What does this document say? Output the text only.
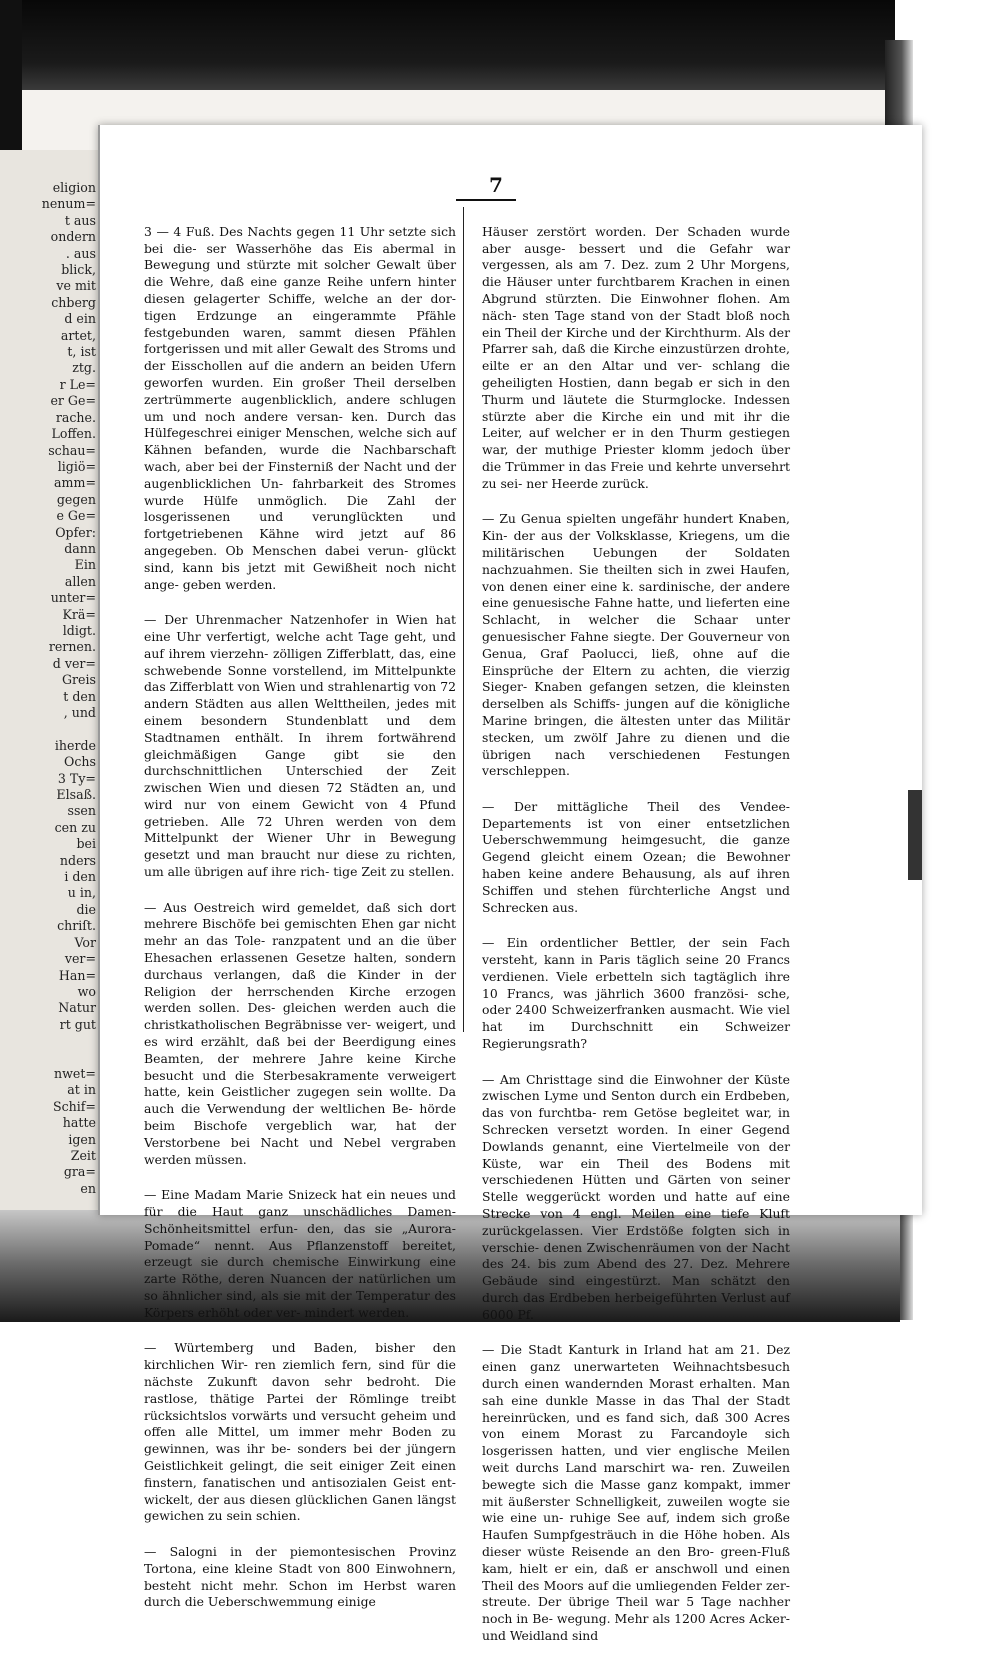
eligion
nenum=
t aus
ondern
. aus
blick,
ve mit
chberg
d ein
artet,
t, ist
ztg.
r Le=
er Ge=
rache.
Loffen.
schau=
ligiö=
amm=
gegen
e Ge=
Opfer:
dann
Ein
allen
unter=
Krä=
ldigt.
rernen.
d ver=
Greis
t den
, und

iherde
Ochs
3 Ty=
Elsaß.
ssen
cen zu
bei
nders
i den
u in,
die
chriſt.
Vor
ver=
Han=
wo
Natur
rt gut

nwet=
at in
Schif=
hatte
igen
Zeit
gra=
en
7

3 — 4 Fuß. Des Nachts gegen 11 Uhr setzte sich bei die- ser Wasserhöhe das Eis abermal in Bewegung und stürzte mit solcher Gewalt über die Wehre, daß eine ganze Reihe unfern hinter diesen gelagerter Schiffe, welche an der dor- tigen Erdzunge an eingerammte Pfähle festgebunden waren, sammt diesen Pfählen fortgerissen und mit aller Gewalt des Stroms und der Eisschollen auf die andern an beiden Ufern geworfen wurden. Ein großer Theil derselben zertrümmerte augenblicklich, andere schlugen um und noch andere versan- ken. Durch das Hülfegeschrei einiger Menschen, welche sich auf Kähnen befanden, wurde die Nachbarschaft wach, aber bei der Finsterniß der Nacht und der augenblicklichen Un- fahrbarkeit des Stromes wurde Hülfe unmöglich. Die Zahl der losgerissenen und verunglückten und fortgetriebenen Kähne wird jetzt auf 86 angegeben. Ob Menschen dabei verun- glückt sind, kann bis jetzt mit Gewißheit noch nicht ange- geben werden.

— Der Uhrenmacher Natzenhofer in Wien hat eine Uhr verfertigt, welche acht Tage geht, und auf ihrem vierzehn- zölligen Zifferblatt, das, eine schwebende Sonne vorstellend, im Mittelpunkte das Zifferblatt von Wien und strahlenartig von 72 andern Städten aus allen Welttheilen, jedes mit einem besondern Stundenblatt und dem Stadtnamen enthält. In ihrem fortwährend gleichmäßigen Gange gibt sie den durchschnittlichen Unterschied der Zeit zwischen Wien und diesen 72 Städten an, und wird nur von einem Gewicht von 4 Pfund getrieben. Alle 72 Uhren werden von dem Mittelpunkt der Wiener Uhr in Bewegung gesetzt und man braucht nur diese zu richten, um alle übrigen auf ihre rich- tige Zeit zu stellen.

— Aus Oestreich wird gemeldet, daß sich dort mehrere Bischöfe bei gemischten Ehen gar nicht mehr an das Tole- ranzpatent und an die über Ehesachen erlassenen Gesetze halten, sondern durchaus verlangen, daß die Kinder in der Religion der herrschenden Kirche erzogen werden sollen. Des- gleichen werden auch die christkatholischen Begräbnisse ver- weigert, und es wird erzählt, daß bei der Beerdigung eines Beamten, der mehrere Jahre keine Kirche besucht und die Sterbesakramente verweigert hatte, kein Geistlicher zugegen sein wollte. Da auch die Verwendung der weltlichen Be- hörde beim Bischofe vergeblich war, hat der Verstorbene bei Nacht und Nebel vergraben werden müssen.

— Eine Madam Marie Snizeck hat ein neues und für die Haut ganz unschädliches Damen-Schönheitsmittel erfun- den, das sie „Aurora-Pomade“ nennt. Aus Pflanzenstoff bereitet, erzeugt sie durch chemische Einwirkung eine zarte Röthe, deren Nuancen der natürlichen um so ähnlicher sind, als sie mit der Temperatur des Körpers erhöht oder ver- mindert werden.

— Würtemberg und Baden, bisher den kirchlichen Wir- ren ziemlich fern, sind für die nächste Zukunft davon sehr bedroht. Die rastlose, thätige Partei der Römlinge treibt rücksichtslos vorwärts und versucht geheim und offen alle Mittel, um immer mehr Boden zu gewinnen, was ihr be- sonders bei der jüngern Geistlichkeit gelingt, die seit einiger Zeit einen finstern, fanatischen und antisozialen Geist ent- wickelt, der aus diesen glücklichen Ganen längst gewichen zu sein schien.

— Salogni in der piemontesischen Provinz Tortona, eine kleine Stadt von 800 Einwohnern, besteht nicht mehr. Schon im Herbst waren durch die Ueberschwemmung einige

Häuser zerstört worden. Der Schaden wurde aber ausge- bessert und die Gefahr war vergessen, als am 7. Dez. zum 2 Uhr Morgens, die Häuser unter furchtbarem Krachen in einen Abgrund stürzten. Die Einwohner flohen. Am näch- sten Tage stand von der Stadt bloß noch ein Theil der Kirche und der Kirchthurm. Als der Pfarrer sah, daß die Kirche einzustürzen drohte, eilte er an den Altar und ver- schlang die geheiligten Hostien, dann begab er sich in den Thurm und läutete die Sturmglocke. Indessen stürzte aber die Kirche ein und mit ihr die Leiter, auf welcher er in den Thurm gestiegen war, der muthige Priester klomm jedoch über die Trümmer in das Freie und kehrte unversehrt zu sei- ner Heerde zurück.

— Zu Genua spielten ungefähr hundert Knaben, Kin- der aus der Volksklasse, Kriegens, um die militärischen Uebungen der Soldaten nachzuahmen. Sie theilten sich in zwei Haufen, von denen einer eine k. sardinische, der andere eine genuesische Fahne hatte, und lieferten eine Schlacht, in welcher die Schaar unter genuesischer Fahne siegte. Der Gouverneur von Genua, Graf Paolucci, ließ, ohne auf die Einsprüche der Eltern zu achten, die vierzig Sieger- Knaben gefangen setzen, die kleinsten derselben als Schiffs- jungen auf die königliche Marine bringen, die ältesten unter das Militär stecken, um zwölf Jahre zu dienen und die übrigen nach verschiedenen Festungen verschleppen.

— Der mittägliche Theil des Vendee-Departements ist von einer entsetzlichen Ueberschwemmung heimgesucht, die ganze Gegend gleicht einem Ozean; die Bewohner haben keine andere Behausung, als auf ihren Schiffen und stehen fürchterliche Angst und Schrecken aus.

— Ein ordentlicher Bettler, der sein Fach versteht, kann in Paris täglich seine 20 Francs verdienen. Viele erbetteln sich tagtäglich ihre 10 Francs, was jährlich 3600 französi- sche, oder 2400 Schweizerfranken ausmacht. Wie viel hat im Durchschnitt ein Schweizer Regierungsrath?

— Am Christtage sind die Einwohner der Küste zwischen Lyme und Senton durch ein Erdbeben, das von furchtba- rem Getöse begleitet war, in Schrecken versetzt worden. In einer Gegend Dowlands genannt, eine Viertelmeile von der Küste, war ein Theil des Bodens mit verschiedenen Hütten und Gärten von seiner Stelle weggerückt worden und hatte auf eine Strecke von 4 engl. Meilen eine tiefe Kluft zurückgelassen. Vier Erdstöße folgten sich in verschie- denen Zwischenräumen von der Nacht des 24. bis zum Abend des 27. Dez. Mehrere Gebäude sind eingestürzt. Man schätzt den durch das Erdbeben herbeigeführten Verlust auf 6000 Pf.

— Die Stadt Kanturk in Irland hat am 21. Dez einen ganz unerwarteten Weihnachtsbesuch durch einen wandernden Morast erhalten. Man sah eine dunkle Masse in das Thal der Stadt hereinrücken, und es fand sich, daß 300 Acres von einem Morast zu Farcandoyle sich losgerissen hatten, und vier englische Meilen weit durchs Land marschirt wa- ren. Zuweilen bewegte sich die Masse ganz kompakt, immer mit äußerster Schnelligkeit, zuweilen wogte sie wie eine un- ruhige See auf, indem sich große Haufen Sumpfgesträuch in die Höhe hoben. Als dieser wüste Reisende an den Bro- green-Fluß kam, hielt er ein, daß er anschwoll und einen Theil des Moors auf die umliegenden Felder zer- streute. Der übrige Theil war 5 Tage nachher noch in Be- wegung. Mehr als 1200 Acres Acker- und Weidland sind
